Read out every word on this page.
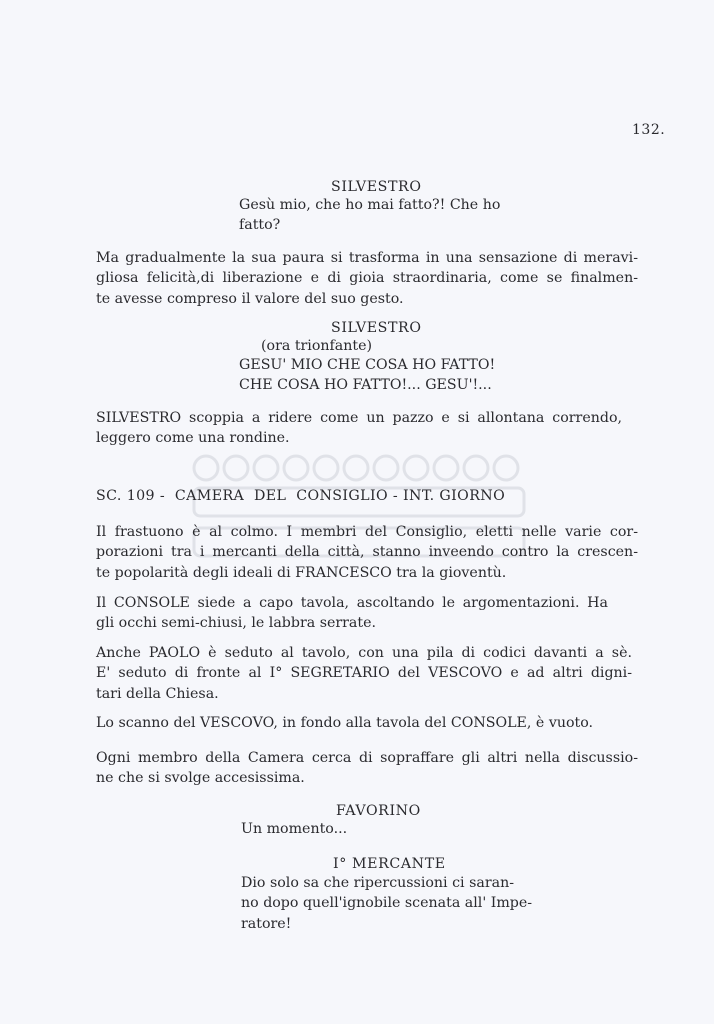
132.
SILVESTRO
Gesù mio, che ho mai fatto?! Che ho
fatto?
Ma gradualmente la sua paura si trasforma in una sensazione di meravi-
gliosa felicità,di liberazione e di gioia straordinaria, come se finalmen-
te avesse compreso il valore del suo gesto.
SILVESTRO
(ora trionfante)
GESU' MIO CHE COSA HO FATTO!
CHE COSA HO FATTO!... GESU'!...
SILVESTRO scoppia a ridere come un pazzo e si allontana correndo,
leggero come una rondine.
SC. 109 -  CAMERA  DEL  CONSIGLIO - INT. GIORNO
Il frastuono è al colmo. I membri del Consiglio, eletti nelle varie cor-
porazioni tra i mercanti della città, stanno inveendo contro la crescen-
te popolarità degli ideali di FRANCESCO tra la gioventù.
Il CONSOLE siede a capo tavola, ascoltando le argomentazioni. Ha
gli occhi semi-chiusi, le labbra serrate.
Anche PAOLO è seduto al tavolo, con una pila di codici davanti a sè.
E' seduto di fronte al I° SEGRETARIO del VESCOVO e ad altri digni-
tari della Chiesa.
Lo scanno del VESCOVO, in fondo alla tavola del CONSOLE, è vuoto.
Ogni membro della Camera cerca di sopraffare gli altri nella discussio-
ne che si svolge accesissima.
FAVORINO
Un momento...
I° MERCANTE
Dio solo sa che ripercussioni ci saran-
no dopo quell'ignobile scenata all' Impe-
ratore!
